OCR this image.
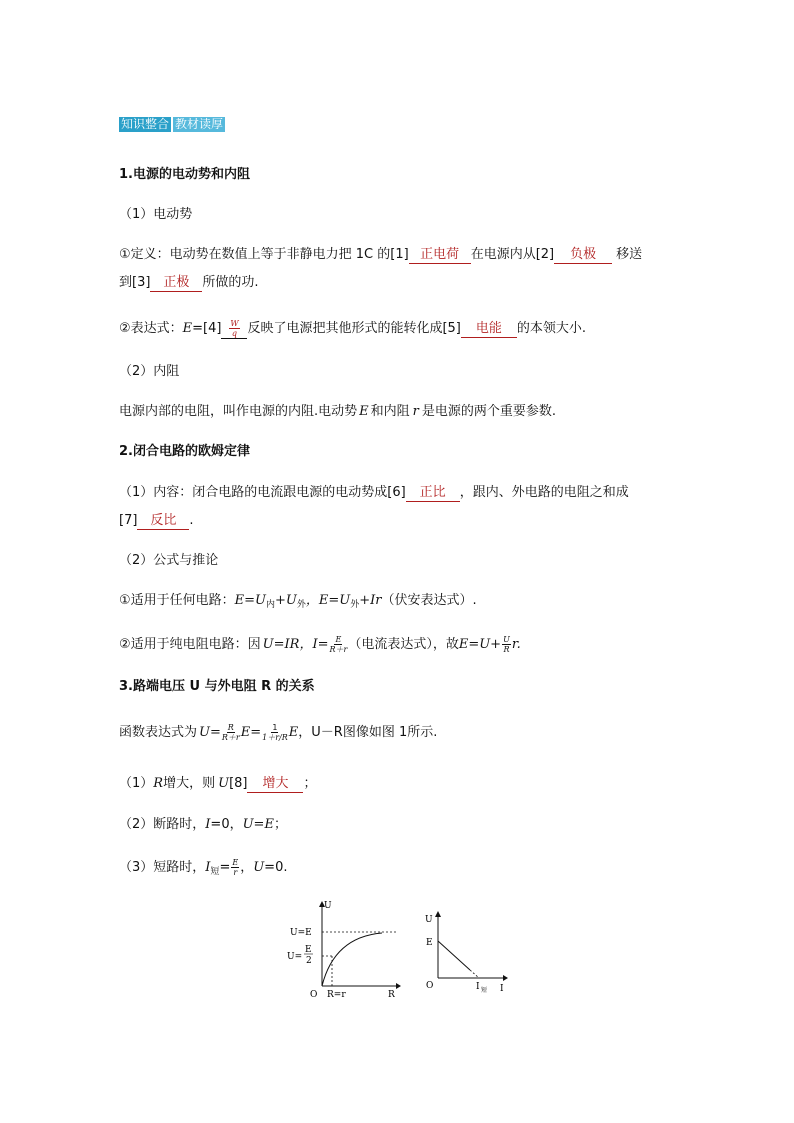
知识整合 教材读厚
1.电源的电动势和内阻
（1）电动势
①定义：电动势在数值上等于非静电力把 1C 的[1] 正电荷 在电源内从[2] 负极 移送
到[3] 正极 所做的功.
②表达式：$E=[4] \frac{W}{q}$ 反映了电源把其他形式的能转化成[5] 电能 的本领大小.
（2）内阻
电源内部的电阻，叫作电源的内阻.电动势 E 和内阻 r 是电源的两个重要参数.
2.闭合电路的欧姆定律
（1）内容：闭合电路的电流跟电源的电动势成[6] 正比 ，跟内、外电路的电阻之和成
[7] 反比 .
（2）公式与推论
①适用于任何电路：$E=U_内+U_外$，$E=U_外+Ir$（伏安表达式）.
②适用于纯电阻电路：因 U=IR，$I= \frac{E}{R+r}$ （电流表达式），故$E=U+ \frac{U}{R} r$.
3.路端电压 U 与外电阻 R 的关系
函数表达式为 $U= \frac{R}{R+r} E= \frac{1}{1+r/R}$ E，U－R图像如图 1所示.
（1）R增大，则 U[8] 增大 ；
（2）断路时，I=0，U=E；
（3）短路时，$I_短= \frac{E}{r}$ ，U=0.
U
R
O
U=E
U=
E
2
R=r
U
E
O	I 短 I
